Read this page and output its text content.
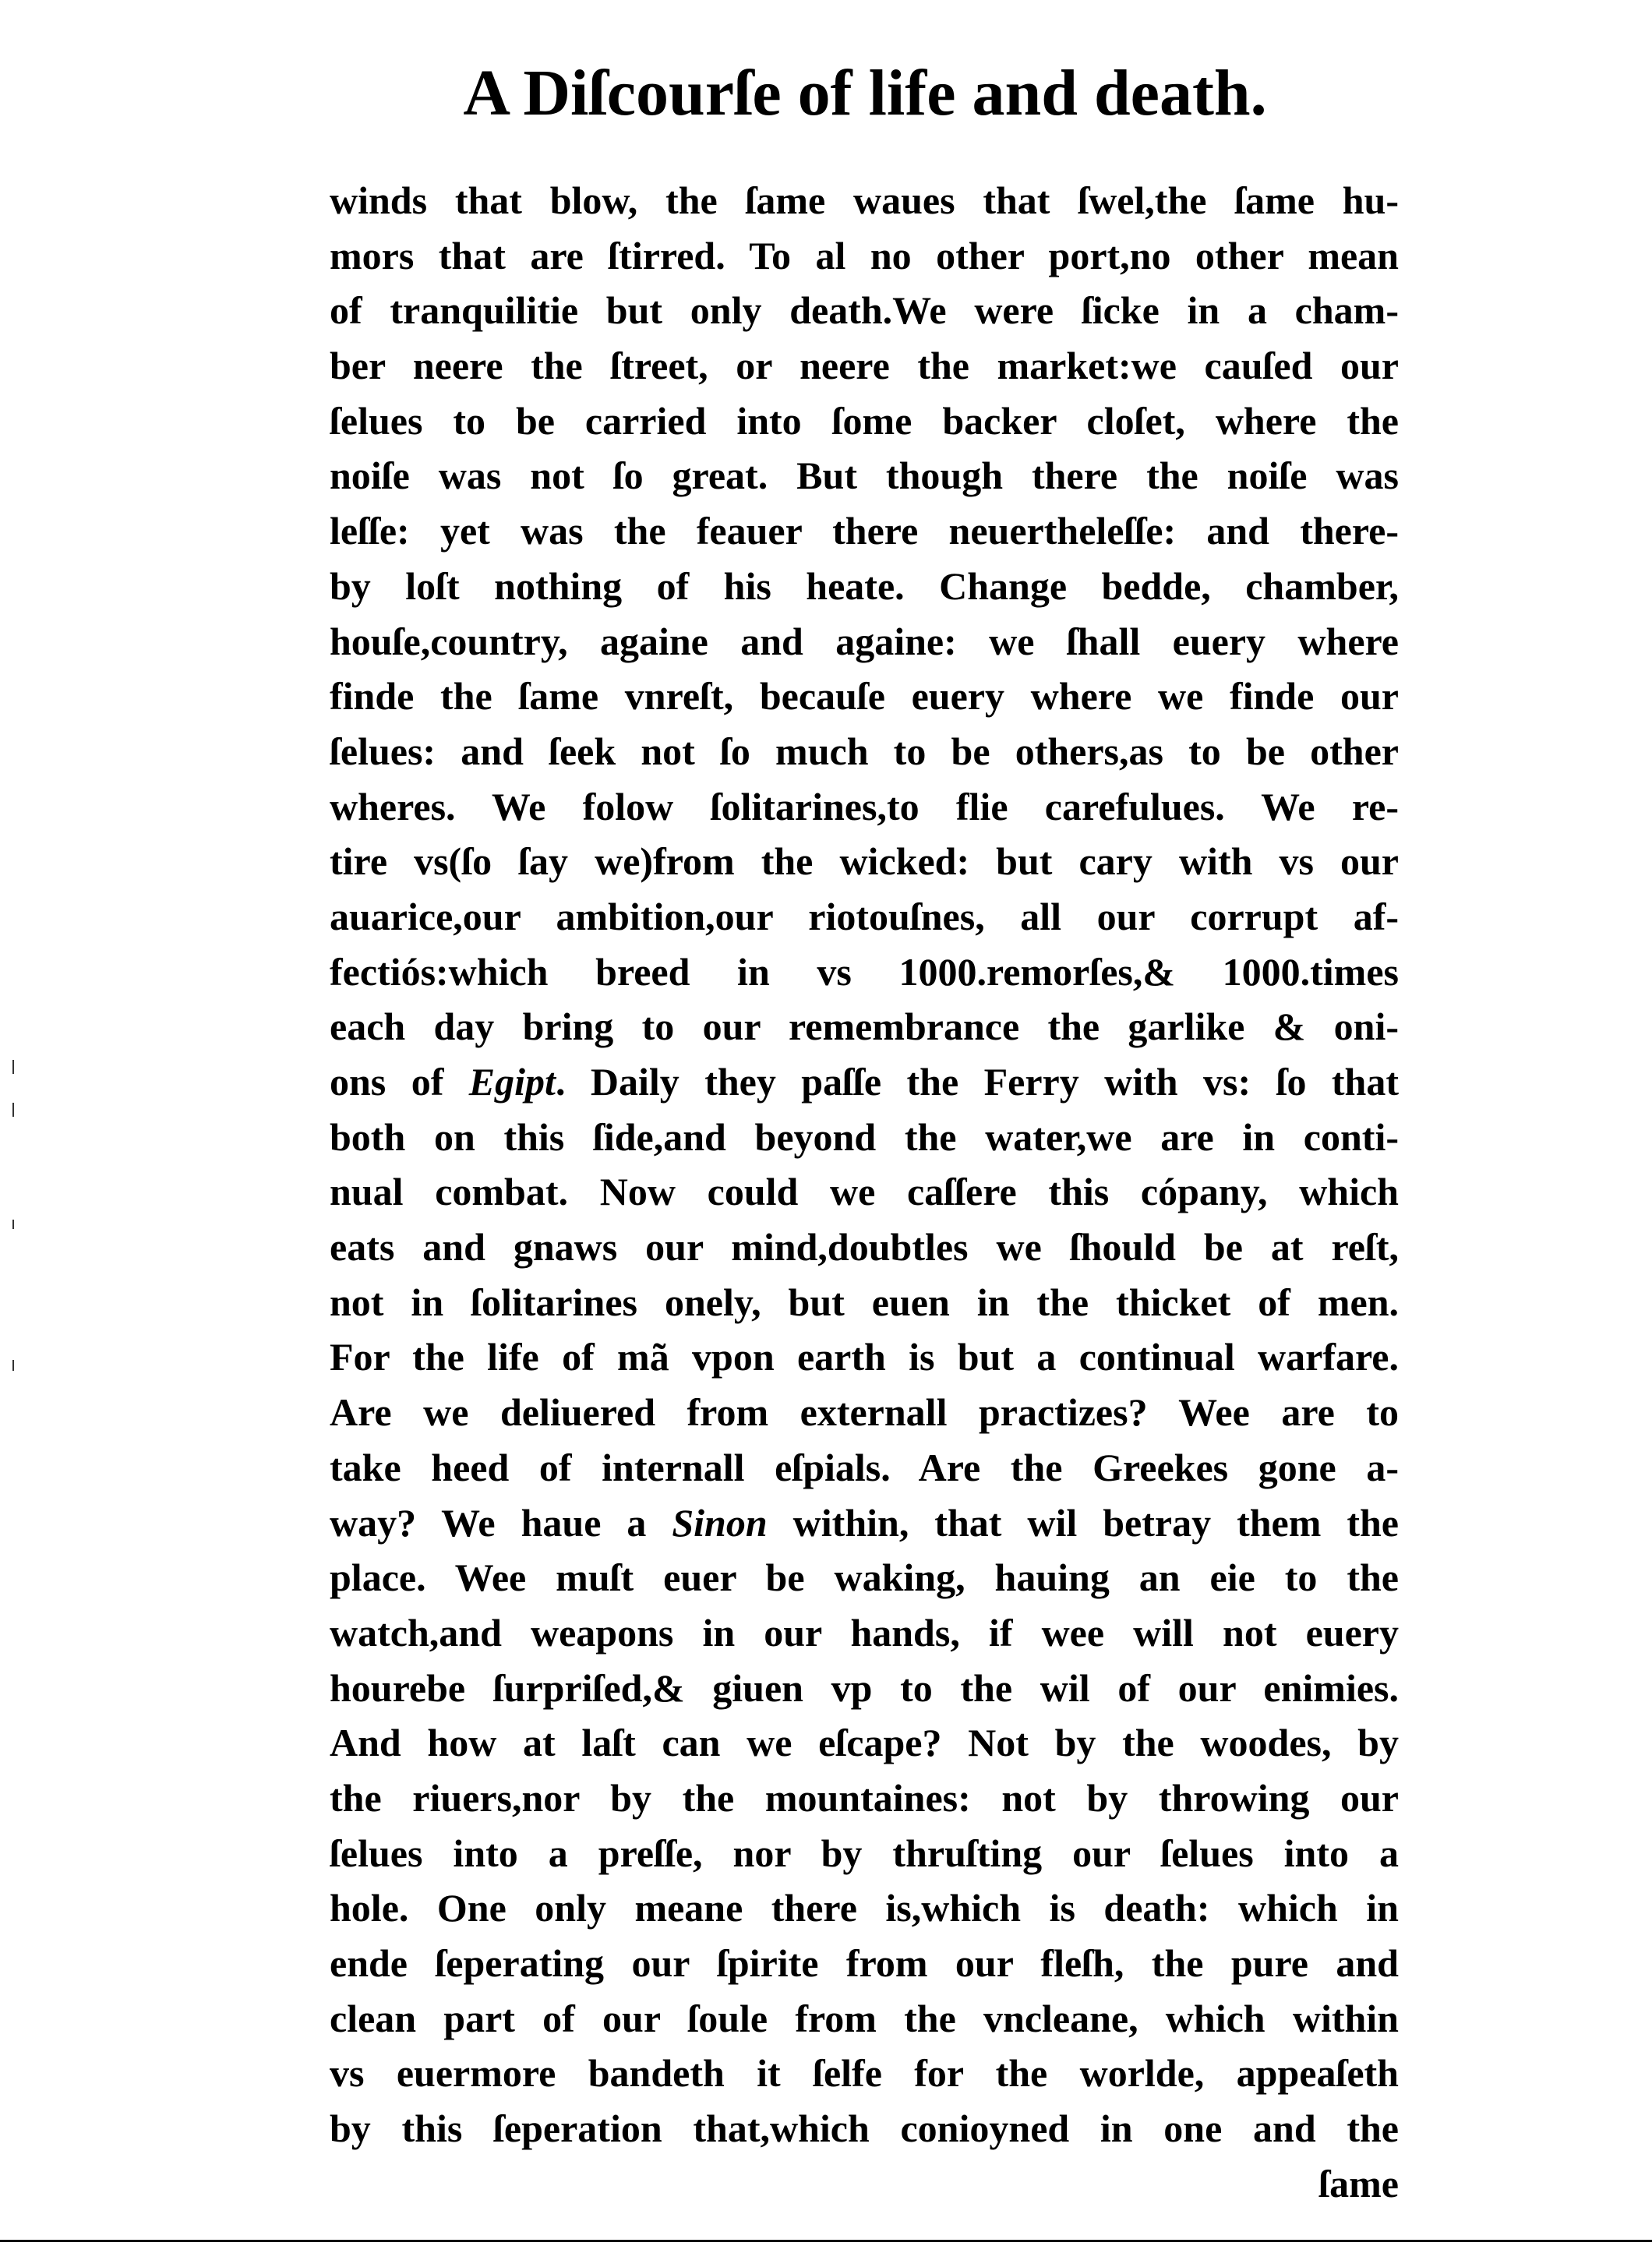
A Diſcourſe of life and death.
winds that blow, the ſame waues that ſwel,the ſame hu-
mors that are ſtirred. To al no other port,no other mean
of tranquilitie but only death.We were ſicke in a cham-
ber neere the ſtreet, or neere the market:we cauſed our
ſelues to be carried into ſome backer cloſet, where the
noiſe was not ſo great. But though there the noiſe was
leſſe: yet was the feauer there neuertheleſſe: and there-
by loſt nothing of his heate. Change bedde, chamber,
houſe,country, againe and againe: we ſhall euery where
finde the ſame vnreſt, becauſe euery where we finde our
ſelues: and ſeek not ſo much to be others,as to be other
wheres. We folow ſolitarines,to flie carefulues. We re-
tire vs(ſo ſay we)from the wicked: but cary with vs our
auarice,our ambition,our riotouſnes, all our corrupt af-
fectiós:which breed in vs 1000.remorſes,& 1000.times
each day bring to our remembrance the garlike & oni-
ons of Egipt. Daily they paſſe the Ferry with vs: ſo that
both on this ſide,and beyond the water,we are in conti-
nual combat. Now could we caſſere this cópany, which
eats and gnaws our mind,doubtles we ſhould be at reſt,
not in ſolitarines onely, but euen in the thicket of men.
For the life of mã vpon earth is but a continual warfare.
Are we deliuered from externall practizes? Wee are to
take heed of internall eſpials. Are the Greekes gone a-
way? We haue a Sinon within, that wil betray them the
place. Wee muſt euer be waking, hauing an eie to the
watch,and weapons in our hands, if wee will not euery
hourebe ſurpriſed,& giuen vp to the wil of our enimies.
And how at laſt can we eſcape? Not by the woodes, by
the riuers,nor by the mountaines: not by throwing our
ſelues into a preſſe, nor by thruſting our ſelues into a
hole. One only meane there is,which is death: which in
ende ſeperating our ſpirite from our fleſh, the pure and
clean part of our ſoule from the vncleane, which within
vs euermore bandeth it ſelfe for the worlde, appeaſeth
by this ſeperation that,which conioyned in one and the
ſame
